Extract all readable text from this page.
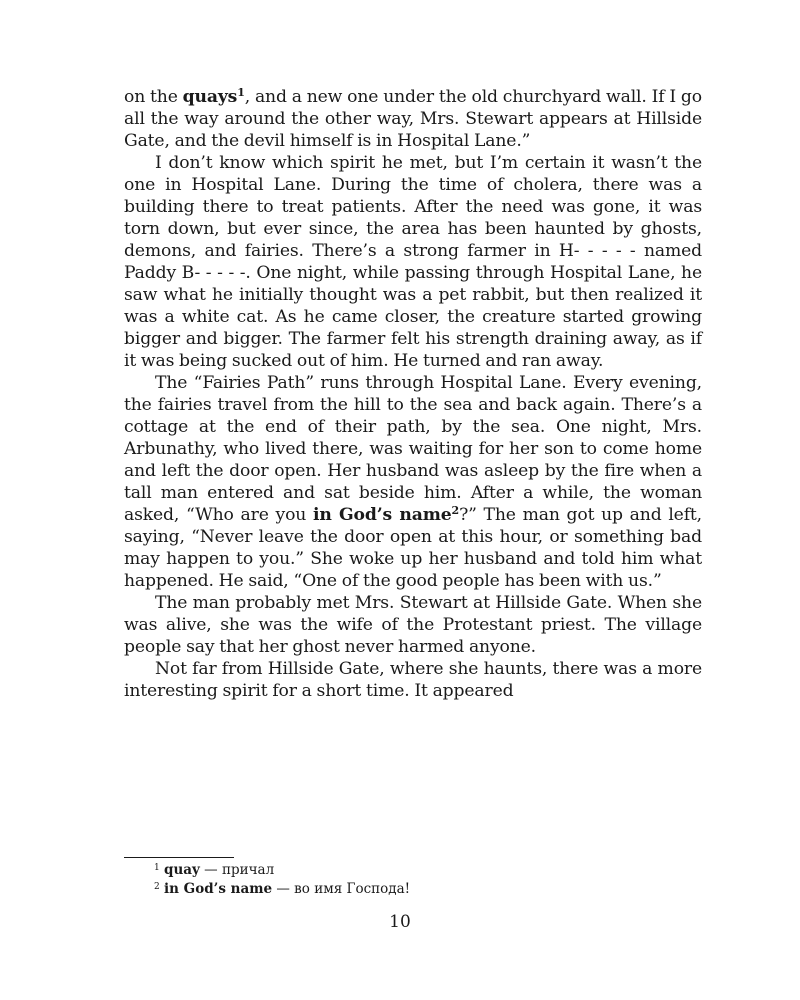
on the quays$^1$, and a new one under the old churchyard wall. If I go all the way around the other way, Mrs. Stewart appears at Hillside Gate, and the devil himself is in Hospital Lane.”

I don’t know which spirit he met, but I’m certain it wasn’t the one in Hospital Lane. During the time of cholera, there was a building there to treat patients. After the need was gone, it was torn down, but ever since, the area has been haunted by ghosts, demons, and fairies. There’s a strong farmer in H- - - - - named Paddy B- - - - -. One night, while passing through Hospital Lane, he saw what he initially thought was a pet rabbit, but then realized it was a white cat. As he came closer, the creature started growing bigger and bigger. The farmer felt his strength draining away, as if it was being sucked out of him. He turned and ran away.

The “Fairies Path” runs through Hospital Lane. Every evening, the fairies travel from the hill to the sea and back again. There’s a cottage at the end of their path, by the sea. One night, Mrs. Arbunathy, who lived there, was waiting for her son to come home and left the door open. Her husband was asleep by the fire when a tall man entered and sat beside him. After a while, the woman asked, “Who are you in God’s name$^2$?” The man got up and left, saying, “Never leave the door open at this hour, or something bad may happen to you.” She woke up her husband and told him what happened. He said, “One of the good people has been with us.”

The man probably met Mrs. Stewart at Hillside Gate. When she was alive, she was the wife of the Protestant priest. The village people say that her ghost never harmed anyone.

Not far from Hillside Gate, where she haunts, there was a more interesting spirit for a short time. It appeared

$^1$ quay — причал
$^2$ in God’s name — во имя Господа!
10
